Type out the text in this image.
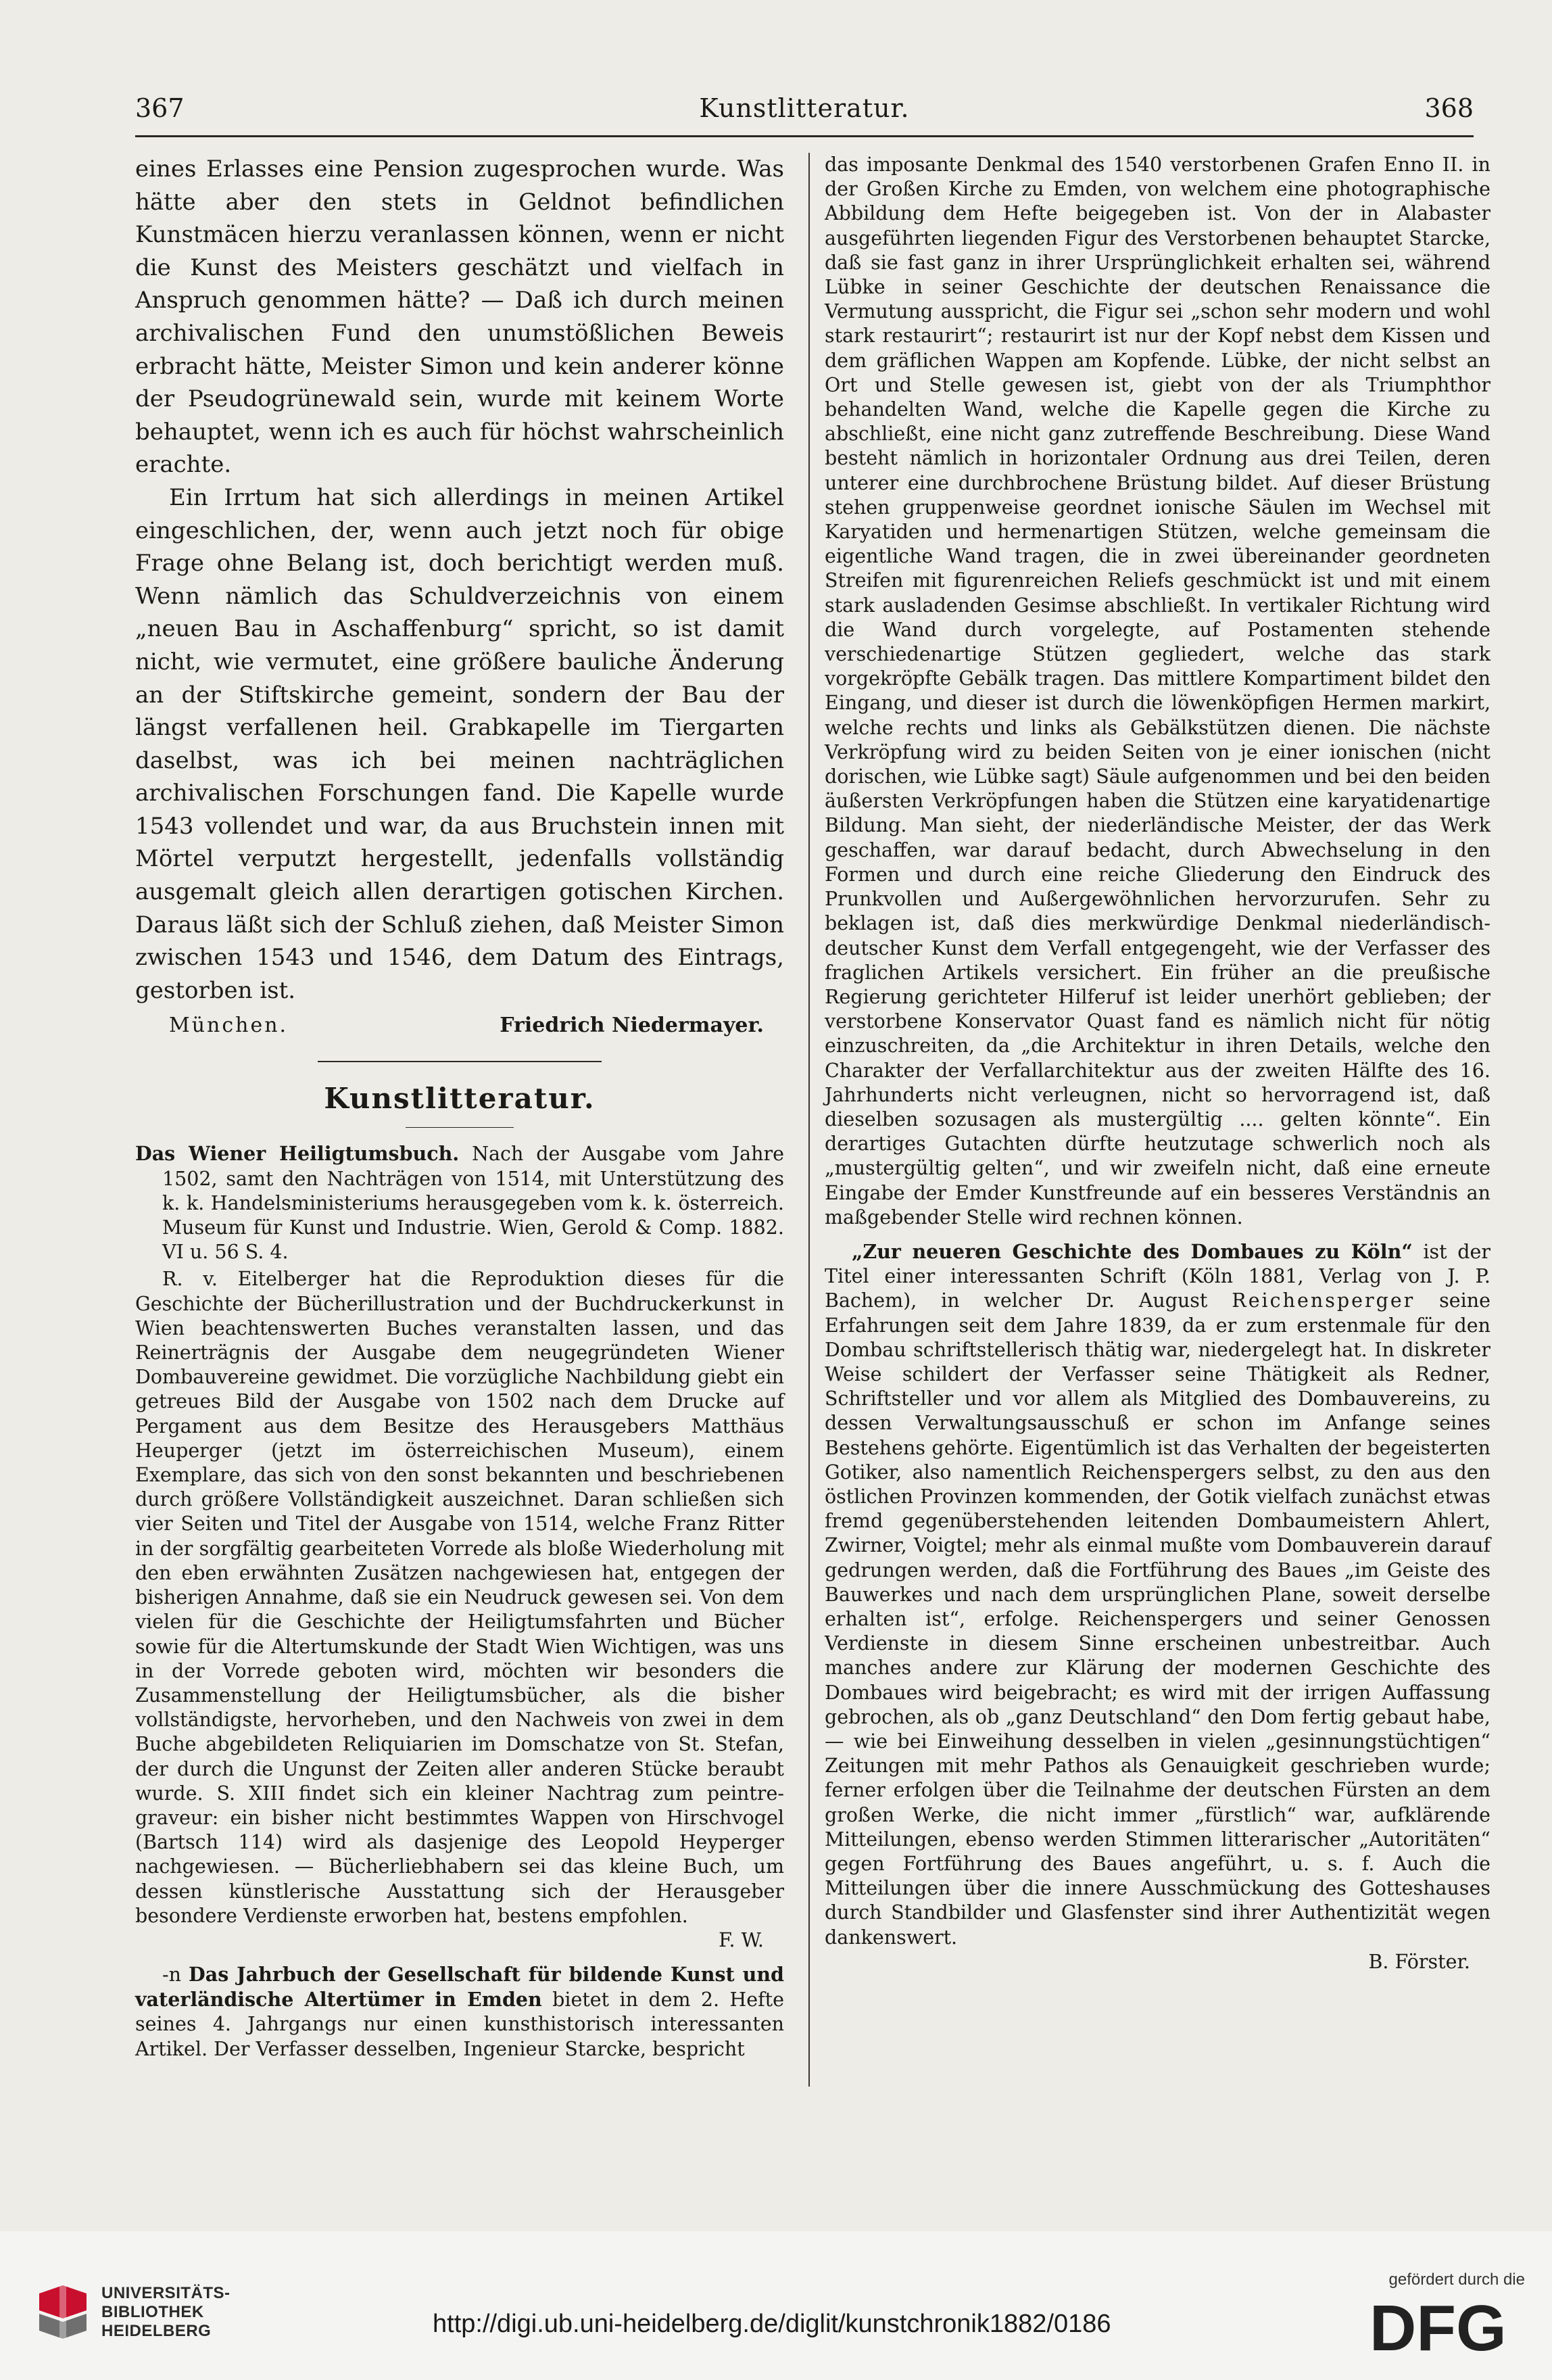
367	Kunstlitteratur.	368

eines Erlasses eine Pension zugesprochen wurde. Was hätte aber den stets in Geldnot befindlichen Kunstmäcen hierzu veranlassen können, wenn er nicht die Kunst des Meisters geschätzt und vielfach in Anspruch genommen hätte? — Daß ich durch meinen archivalischen Fund den unumstößlichen Beweis erbracht hätte, Meister Simon und kein anderer könne der Pseudogrünewald sein, wurde mit keinem Worte behauptet, wenn ich es auch für höchst wahrscheinlich erachte.

Ein Irrtum hat sich allerdings in meinen Artikel eingeschlichen, der, wenn auch jetzt noch für obige Frage ohne Belang ist, doch berichtigt werden muß. Wenn nämlich das Schuldverzeichnis von einem „neuen Bau in Aschaffenburg“ spricht, so ist damit nicht, wie vermutet, eine größere bauliche Änderung an der Stiftskirche gemeint, sondern der Bau der längst verfallenen heil. Grabkapelle im Tiergarten daselbst, was ich bei meinen nachträglichen archivalischen Forschungen fand. Die Kapelle wurde 1543 vollendet und war, da aus Bruchstein innen mit Mörtel verputzt hergestellt, jedenfalls vollständig ausgemalt gleich allen derartigen gotischen Kirchen. Daraus läßt sich der Schluß ziehen, daß Meister Simon zwischen 1543 und 1546, dem Datum des Eintrags, gestorben ist.

München.	Friedrich Niedermayer.
Kunstlitteratur.

Das Wiener Heiligtumsbuch. Nach der Ausgabe vom Jahre 1502, samt den Nachträgen von 1514, mit Unterstützung des k. k. Handelsministeriums herausgegeben vom k. k. österreich. Museum für Kunst und Industrie. Wien, Gerold & Comp. 1882. VI u. 56 S. 4.

R. v. Eitelberger hat die Reproduktion dieses für die Geschichte der Bücherillustration und der Buchdruckerkunst in Wien beachtenswerten Buches veranstalten lassen, und das Reinerträgnis der Ausgabe dem neugegründeten Wiener Dombauvereine gewidmet. Die vorzügliche Nachbildung giebt ein getreues Bild der Ausgabe von 1502 nach dem Drucke auf Pergament aus dem Besitze des Herausgebers Matthäus Heuperger (jetzt im österreichischen Museum), einem Exemplare, das sich von den sonst bekannten und beschriebenen durch größere Vollständigkeit auszeichnet. Daran schließen sich vier Seiten und Titel der Ausgabe von 1514, welche Franz Ritter in der sorgfältig gearbeiteten Vorrede als bloße Wiederholung mit den eben erwähnten Zusätzen nachgewiesen hat, entgegen der bisherigen Annahme, daß sie ein Neudruck gewesen sei. Von dem vielen für die Geschichte der Heiligtumsfahrten und Bücher sowie für die Altertumskunde der Stadt Wien Wichtigen, was uns in der Vorrede geboten wird, möchten wir besonders die Zusammenstellung der Heiligtumsbücher, als die bisher vollständigste, hervorheben, und den Nachweis von zwei in dem Buche abgebildeten Reliquiarien im Domschatze von St. Stefan, der durch die Ungunst der Zeiten aller anderen Stücke beraubt wurde. S. XIII findet sich ein kleiner Nachtrag zum peintre-graveur: ein bisher nicht bestimmtes Wappen von Hirschvogel (Bartsch 114) wird als dasjenige des Leopold Heyperger nachgewiesen. — Bücherliebhabern sei das kleine Buch, um dessen künstlerische Ausstattung sich der Herausgeber besondere Verdienste erworben hat, bestens empfohlen.

F. W.

-n Das Jahrbuch der Gesellschaft für bildende Kunst und vaterländische Altertümer in Emden bietet in dem 2. Hefte seines 4. Jahrgangs nur einen kunsthistorisch interessanten Artikel. Der Verfasser desselben, Ingenieur Starcke, bespricht

das imposante Denkmal des 1540 verstorbenen Grafen Enno II. in der Großen Kirche zu Emden, von welchem eine photographische Abbildung dem Hefte beigegeben ist. Von der in Alabaster ausgeführten liegenden Figur des Verstorbenen behauptet Starcke, daß sie fast ganz in ihrer Ursprünglichkeit erhalten sei, während Lübke in seiner Geschichte der deutschen Renaissance die Vermutung ausspricht, die Figur sei „schon sehr modern und wohl stark restaurirt“; restaurirt ist nur der Kopf nebst dem Kissen und dem gräflichen Wappen am Kopfende. Lübke, der nicht selbst an Ort und Stelle gewesen ist, giebt von der als Triumphthor behandelten Wand, welche die Kapelle gegen die Kirche zu abschließt, eine nicht ganz zutreffende Beschreibung. Diese Wand besteht nämlich in horizontaler Ordnung aus drei Teilen, deren unterer eine durchbrochene Brüstung bildet. Auf dieser Brüstung stehen gruppenweise geordnet ionische Säulen im Wechsel mit Karyatiden und hermenartigen Stützen, welche gemeinsam die eigentliche Wand tragen, die in zwei übereinander geordneten Streifen mit figurenreichen Reliefs geschmückt ist und mit einem stark ausladenden Gesimse abschließt. In vertikaler Richtung wird die Wand durch vorgelegte, auf Postamenten stehende verschiedenartige Stützen gegliedert, welche das stark vorgekröpfte Gebälk tragen. Das mittlere Kompartiment bildet den Eingang, und dieser ist durch die löwenköpfigen Hermen markirt, welche rechts und links als Gebälkstützen dienen. Die nächste Verkröpfung wird zu beiden Seiten von je einer ionischen (nicht dorischen, wie Lübke sagt) Säule aufgenommen und bei den beiden äußersten Verkröpfungen haben die Stützen eine karyatidenartige Bildung. Man sieht, der niederländische Meister, der das Werk geschaffen, war darauf bedacht, durch Abwechselung in den Formen und durch eine reiche Gliederung den Eindruck des Prunkvollen und Außergewöhnlichen hervorzurufen. Sehr zu beklagen ist, daß dies merkwürdige Denkmal niederländisch-deutscher Kunst dem Verfall entgegengeht, wie der Verfasser des fraglichen Artikels versichert. Ein früher an die preußische Regierung gerichteter Hilferuf ist leider unerhört geblieben; der verstorbene Konservator Quast fand es nämlich nicht für nötig einzuschreiten, da „die Architektur in ihren Details, welche den Charakter der Verfallarchitektur aus der zweiten Hälfte des 16. Jahrhunderts nicht verleugnen, nicht so hervorragend ist, daß dieselben sozusagen als mustergültig .... gelten könnte“. Ein derartiges Gutachten dürfte heutzutage schwerlich noch als „mustergültig gelten“, und wir zweifeln nicht, daß eine erneute Eingabe der Emder Kunstfreunde auf ein besseres Verständnis an maßgebender Stelle wird rechnen können.

„Zur neueren Geschichte des Dombaues zu Köln“ ist der Titel einer interessanten Schrift (Köln 1881, Verlag von J. P. Bachem), in welcher Dr. August Reichensperger seine Erfahrungen seit dem Jahre 1839, da er zum erstenmale für den Dombau schriftstellerisch thätig war, niedergelegt hat. In diskreter Weise schildert der Verfasser seine Thätigkeit als Redner, Schriftsteller und vor allem als Mitglied des Dombauvereins, zu dessen Verwaltungsausschuß er schon im Anfange seines Bestehens gehörte. Eigentümlich ist das Verhalten der begeisterten Gotiker, also namentlich Reichenspergers selbst, zu den aus den östlichen Provinzen kommenden, der Gotik vielfach zunächst etwas fremd gegenüberstehenden leitenden Dombaumeistern Ahlert, Zwirner, Voigtel; mehr als einmal mußte vom Dombauverein darauf gedrungen werden, daß die Fortführung des Baues „im Geiste des Bauwerkes und nach dem ursprünglichen Plane, soweit derselbe erhalten ist“, erfolge. Reichenspergers und seiner Genossen Verdienste in diesem Sinne erscheinen unbestreitbar. Auch manches andere zur Klärung der modernen Geschichte des Dombaues wird beigebracht; es wird mit der irrigen Auffassung gebrochen, als ob „ganz Deutschland“ den Dom fertig gebaut habe, — wie bei Einweihung desselben in vielen „gesinnungstüchtigen“ Zeitungen mit mehr Pathos als Genauigkeit geschrieben wurde; ferner erfolgen über die Teilnahme der deutschen Fürsten an dem großen Werke, die nicht immer „fürstlich“ war, aufklärende Mitteilungen, ebenso werden Stimmen litterarischer „Autoritäten“ gegen Fortführung des Baues angeführt, u. s. f. Auch die Mitteilungen über die innere Ausschmückung des Gotteshauses durch Standbilder und Glasfenster sind ihrer Authentizität wegen dankenswert.

B. Förster.
UNIVERSITÄTS-
BIBLIOTHEK
HEIDELBERG	http://digi.ub.uni-heidelberg.de/diglit/kunstchronik1882/0186
gefördert durch die
DFG
